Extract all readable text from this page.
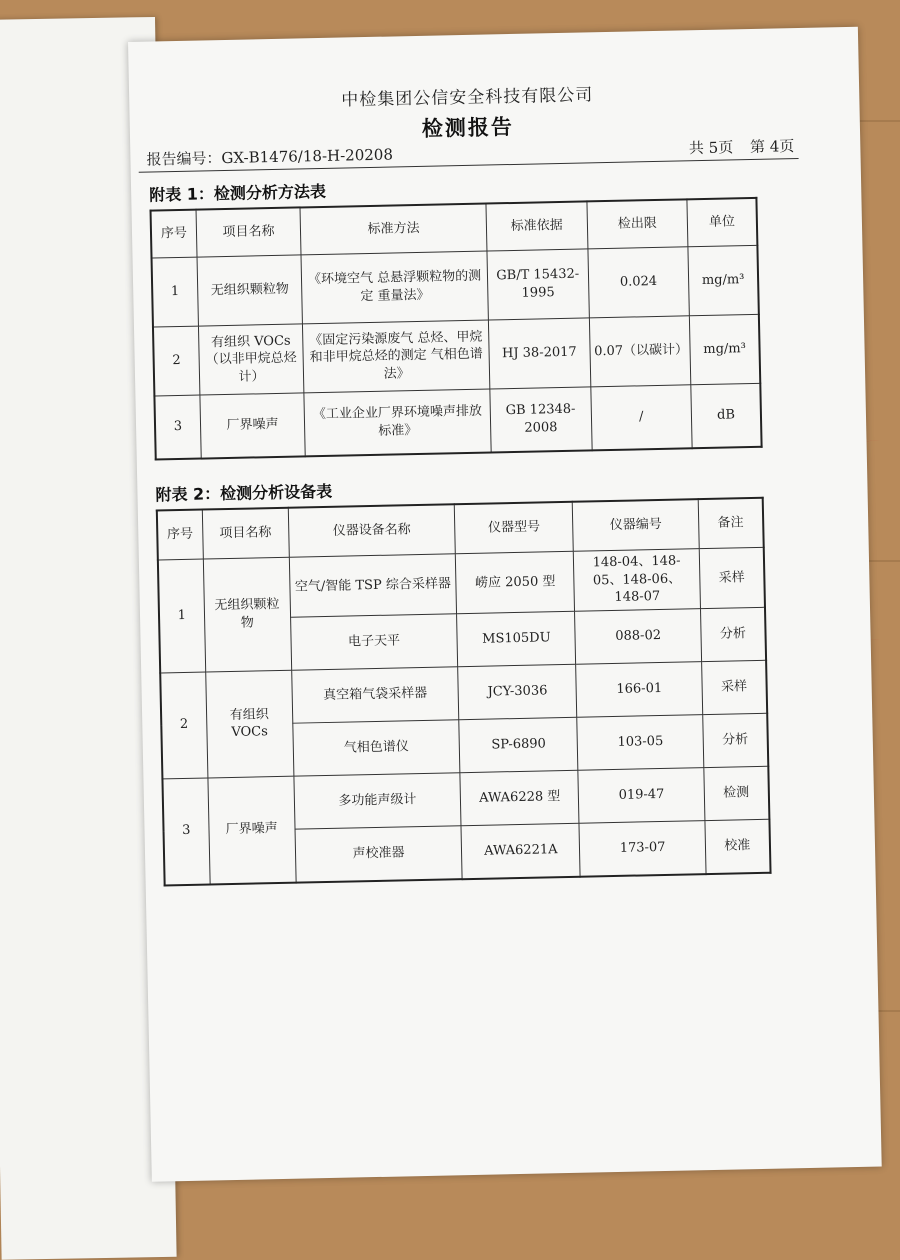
中检集团公信安全科技有限公司
检测报告
报告编号：GX-B1476/18-H-20208	共 5页 第 4页
附表 1：检测分析方法表
序号	项目名称	标准方法	标准依据	检出限	单位
1	无组织颗粒物	《环境空气 总悬浮颗粒物的测定 重量法》	GB/T 15432-1995	0.024	mg/m³
2	有组织 VOCs（以非甲烷总烃计）	《固定污染源废气 总烃、甲烷和非甲烷总烃的测定 气相色谱法》	HJ 38-2017	0.07（以碳计）	mg/m³
3	厂界噪声	《工业企业厂界环境噪声排放标准》	GB 12348-2008	/	dB
附表 2：检测分析设备表
序号	项目名称	仪器设备名称	仪器型号	仪器编号	备注
1	无组织颗粒物	空气/智能 TSP 综合采样器	崂应 2050 型	148-04、148-05、148-06、148-07	采样
		电子天平	MS105DU	088-02	分析
2	有组织 VOCs	真空箱气袋采样器	JCY-3036	166-01	采样
		气相色谱仪	SP-6890	103-05	分析
3	厂界噪声	多功能声级计	AWA6228 型	019-47	检测
		声校准器	AWA6221A	173-07	校准
